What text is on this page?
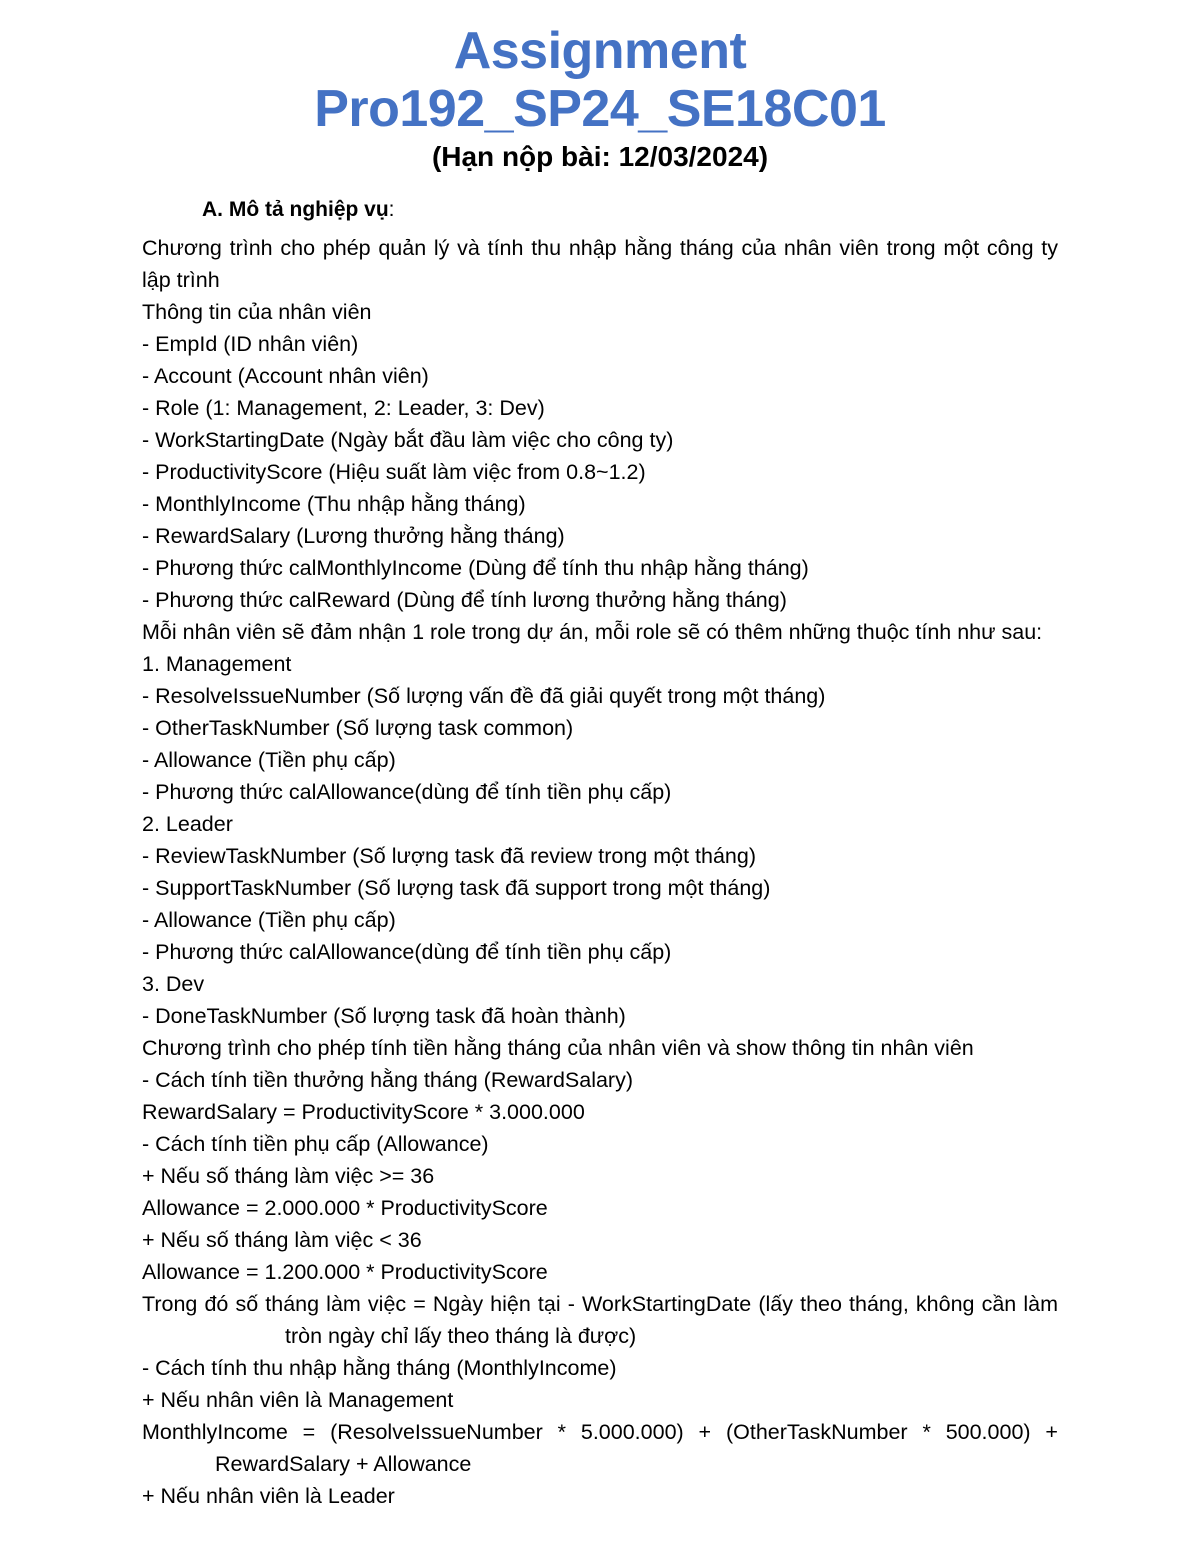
Assignment
Pro192_SP24_SE18C01
(Hạn nộp bài: 12/03/2024)
A. Mô tả nghiệp vụ:

Chương trình cho phép quản lý và tính thu nhập hằng tháng của nhân viên trong một công ty lập trình

Thông tin của nhân viên

- EmpId (ID nhân viên)

- Account (Account nhân viên)

- Role (1: Management, 2: Leader, 3: Dev)

- WorkStartingDate (Ngày bắt đầu làm việc cho công ty)

- ProductivityScore (Hiệu suất làm việc from 0.8~1.2)

- MonthlyIncome (Thu nhập hằng tháng)

- RewardSalary (Lương thưởng hằng tháng)

- Phương thức calMonthlyIncome (Dùng để tính thu nhập hằng tháng)

- Phương thức calReward (Dùng để tính lương thưởng hằng tháng)

Mỗi nhân viên sẽ đảm nhận 1 role trong dự án, mỗi role sẽ có thêm những thuộc tính như sau:

1. Management

- ResolveIssueNumber (Số lượng vấn đề đã giải quyết trong một tháng)

- OtherTaskNumber (Số lượng task common)

- Allowance (Tiền phụ cấp)

- Phương thức calAllowance(dùng để tính tiền phụ cấp)

2. Leader

- ReviewTaskNumber (Số lượng task đã review trong một tháng)

- SupportTaskNumber (Số lượng task đã support trong một tháng)

- Allowance (Tiền phụ cấp)

- Phương thức calAllowance(dùng để tính tiền phụ cấp)

3. Dev

- DoneTaskNumber (Số lượng task đã hoàn thành)

Chương trình cho phép tính tiền hằng tháng của nhân viên và show thông tin nhân viên

- Cách tính tiền thưởng hằng tháng (RewardSalary)

RewardSalary = ProductivityScore * 3.000.000

- Cách tính tiền phụ cấp (Allowance)

+ Nếu số tháng làm việc >= 36

Allowance = 2.000.000 * ProductivityScore

+ Nếu số tháng làm việc < 36

Allowance = 1.200.000 * ProductivityScore

Trong đó số tháng làm việc = Ngày hiện tại - WorkStartingDate (lấy theo tháng, không cần làm tròn ngày chỉ lấy theo tháng là được)

- Cách tính thu nhập hằng tháng (MonthlyIncome)

+ Nếu nhân viên là Management

MonthlyIncome = (ResolveIssueNumber * 5.000.000) + (OtherTaskNumber * 500.000) + RewardSalary + Allowance

+ Nếu nhân viên là Leader
